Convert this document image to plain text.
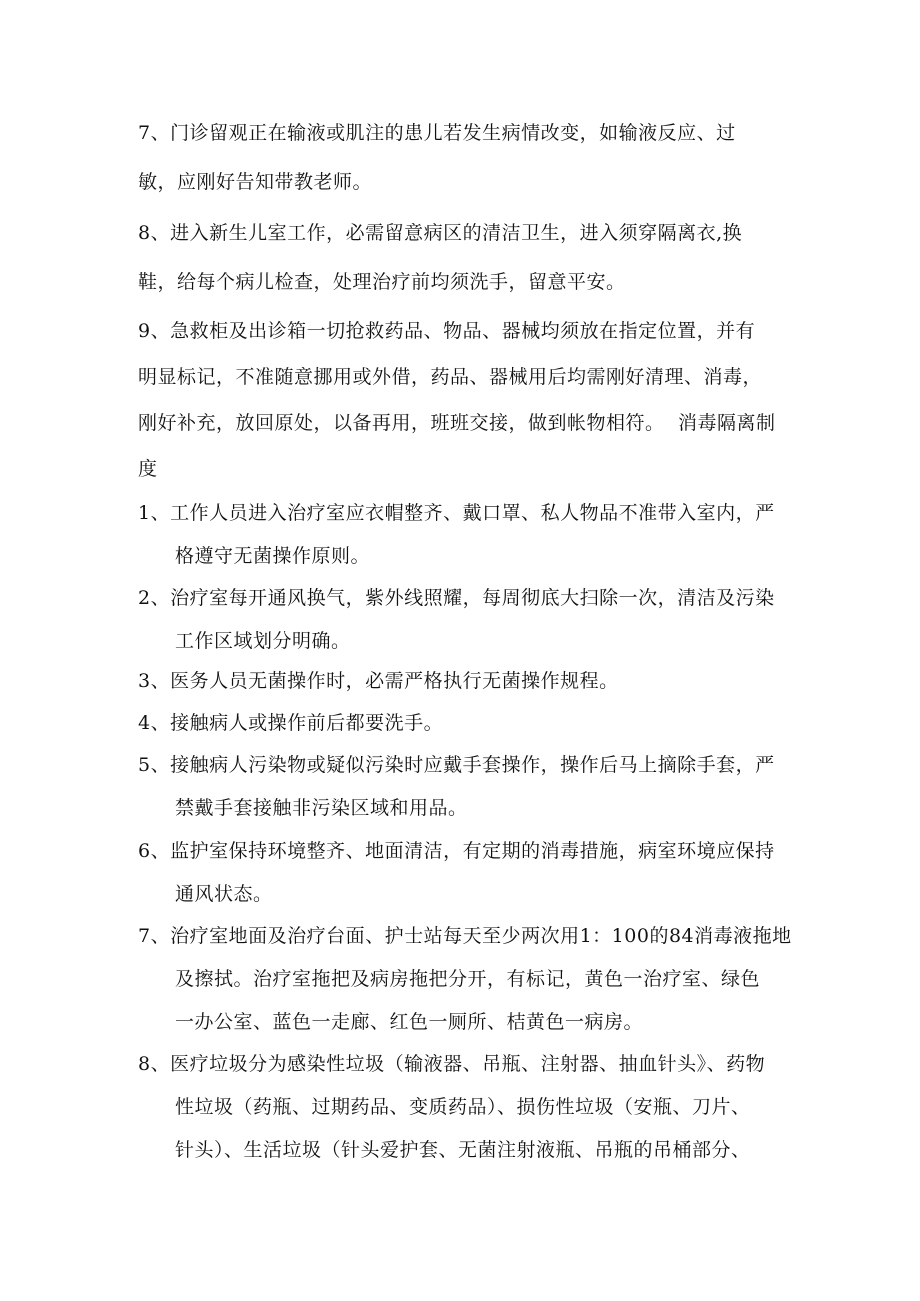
7、门诊留观正在输液或肌注的患儿若发生病情改变，如输液反应、过
敏，应刚好告知带教老师。
8、进入新生儿室工作，必需留意病区的清洁卫生，进入须穿隔离衣,换
鞋，给每个病儿检查，处理治疗前均须洗手，留意平安。
9、急救柜及出诊箱一切抢救药品、物品、器械均须放在指定位置，并有
明显标记，不准随意挪用或外借，药品、器械用后均需刚好清理、消毒，
刚好补充，放回原处，以备再用，班班交接，做到帐物相符。 消毒隔离制
度
1、工作人员进入治疗室应衣帽整齐、戴口罩、私人物品不准带入室内，严
格遵守无菌操作原则。
2、治疗室每开通风换气，紫外线照耀，每周彻底大扫除一次，清洁及污染
工作区域划分明确。
3、医务人员无菌操作时，必需严格执行无菌操作规程。
4、接触病人或操作前后都要洗手。
5、接触病人污染物或疑似污染时应戴手套操作，操作后马上摘除手套，严
禁戴手套接触非污染区域和用品。
6、监护室保持环境整齐、地面清洁，有定期的消毒措施，病室环境应保持
通风状态。
7、治疗室地面及治疗台面、护士站每天至少两次用1：100的84消毒液拖地
及擦拭。治疗室拖把及病房拖把分开，有标记，黄色一治疗室、绿色
一办公室、蓝色一走廊、红色一厕所、桔黄色一病房。
8、医疗垃圾分为感染性垃圾（输液器、吊瓶、注射器、抽血针头》、药物
性垃圾（药瓶、过期药品、变质药品）、损伤性垃圾（安瓶、刀片、
针头）、生活垃圾（针头爱护套、无菌注射液瓶、吊瓶的吊桶部分、
